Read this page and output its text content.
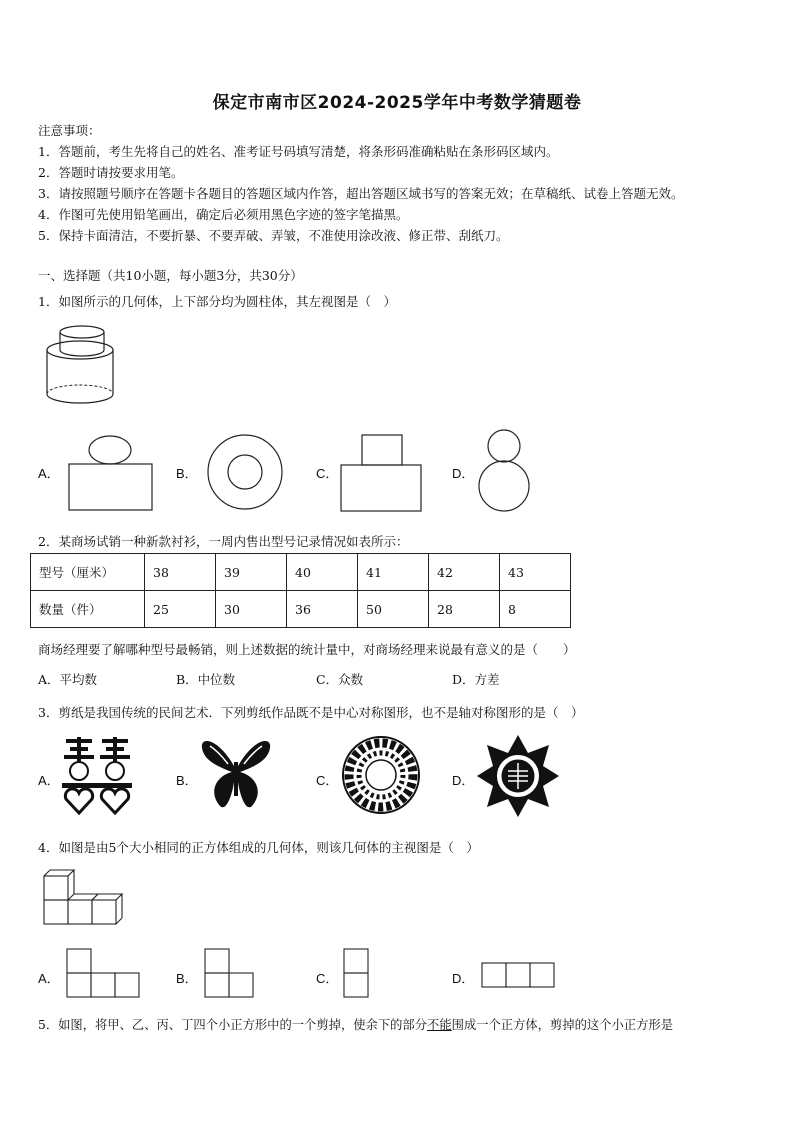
保定市南市区2024-2025学年中考数学猜题卷
注意事项：
1．答题前，考生先将自己的姓名、准考证号码填写清楚，将条形码准确粘贴在条形码区域内。
2．答题时请按要求用笔。
3．请按照题号顺序在答题卡各题目的答题区域内作答，超出答题区域书写的答案无效；在草稿纸、试卷上答题无效。
4．作图可先使用铅笔画出，确定后必须用黑色字迹的签字笔描黑。
5．保持卡面清洁，不要折暴、不要弄破、弄皱，不准使用涂改液、修正带、刮纸刀。
一、选择题（共10小题，每小题3分，共30分）
1．如图所示的几何体，上下部分均为圆柱体，其左视图是（　）
A．	B．	C．	D．
2．某商场试销一种新款衬衫，一周内售出型号记录情况如表所示：
型号（厘米）	38	39	40	41	42	43
数量（件）	25	30	36	50	28	8
商场经理要了解哪种型号最畅销，则上述数据的统计量中，对商场经理来说最有意义的是（　　）
A．平均数	B．中位数	C．众数	D．方差
3．剪纸是我国传统的民间艺术．下列剪纸作品既不是中心对称图形，也不是轴对称图形的是（　）
A．	B．	C．	D．
4．如图是由5个大小相同的正方体组成的几何体，则该几何体的主视图是（　）
A．	B．	C．	D．
5．如图，将甲、乙、丙、丁四个小正方形中的一个剪掉，使余下的部分不能围成一个正方体，剪掉的这个小正方形是
